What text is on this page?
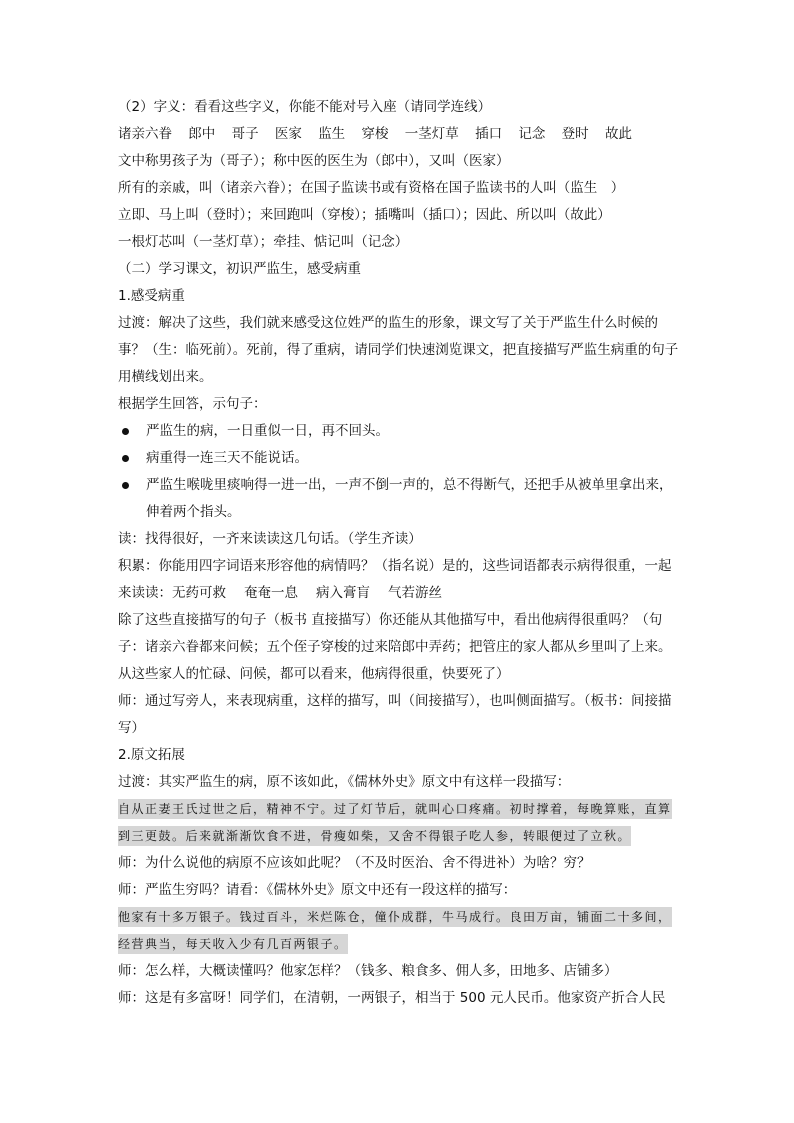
（2）字义：看看这些字义，你能不能对号入座（请同学连线）
诸亲六眷 郎中 哥子 医家 监生 穿梭 一茎灯草 插口 记念 登时 故此
文中称男孩子为（哥子）；称中医的医生为（郎中），又叫（医家）
所有的亲戚，叫（诸亲六眷）；在国子监读书或有资格在国子监读书的人叫（监生　）
立即、马上叫（登时）；来回跑叫（穿梭）；插嘴叫（插口）；因此、所以叫（故此）
一根灯芯叫（一茎灯草）；牵挂、惦记叫（记念）
（二）学习课文，初识严监生，感受病重
1.感受病重
过渡：解决了这些，我们就来感受这位姓严的监生的形象，课文写了关于严监生什么时候的事？（生：临死前）。死前，得了重病，请同学们快速浏览课文，把直接描写严监生病重的句子用横线划出来。
根据学生回答，示句子：
严监生的病，一日重似一日，再不回头。
病重得一连三天不能说话。
严监生喉咙里痰响得一进一出，一声不倒一声的，总不得断气，还把手从被单里拿出来，伸着两个指头。
读：找得很好，一齐来读读这几句话。（学生齐读）
积累：你能用四字词语来形容他的病情吗？（指名说）是的，这些词语都表示病得很重，一起来读读：无药可救 奄奄一息 病入膏肓 气若游丝
除了这些直接描写的句子（板书 直接描写）你还能从其他描写中，看出他病得很重吗？（句子：诸亲六眷都来问候；五个侄子穿梭的过来陪郎中弄药；把管庄的家人都从乡里叫了上来。从这些家人的忙碌、问候，都可以看来，他病得很重，快要死了）
师：通过写旁人，来表现病重，这样的描写，叫（间接描写），也叫侧面描写。（板书：间接描写）
2.原文拓展
过渡：其实严监生的病，原不该如此，《儒林外史》原文中有这样一段描写：
自从正妻王氏过世之后，精神不宁。过了灯节后，就叫心口疼痛。初时撑着，每晚算账，直算到三更鼓。后来就渐渐饮食不进，骨瘦如柴，又舍不得银子吃人参，转眼便过了立秋。
师：为什么说他的病原不应该如此呢？（不及时医治、舍不得进补）为啥？穷？
师：严监生穷吗？请看：《儒林外史》原文中还有一段这样的描写：
他家有十多万银子。钱过百斗，米烂陈仓，僮仆成群，牛马成行。良田万亩，铺面二十多间，经营典当，每天收入少有几百两银子。
师：怎么样，大概读懂吗？他家怎样？（钱多、粮食多、佣人多，田地多、店铺多）
师：这是有多富呀！同学们，在清朝，一两银子，相当于 500 元人民币。他家资产折合人民
